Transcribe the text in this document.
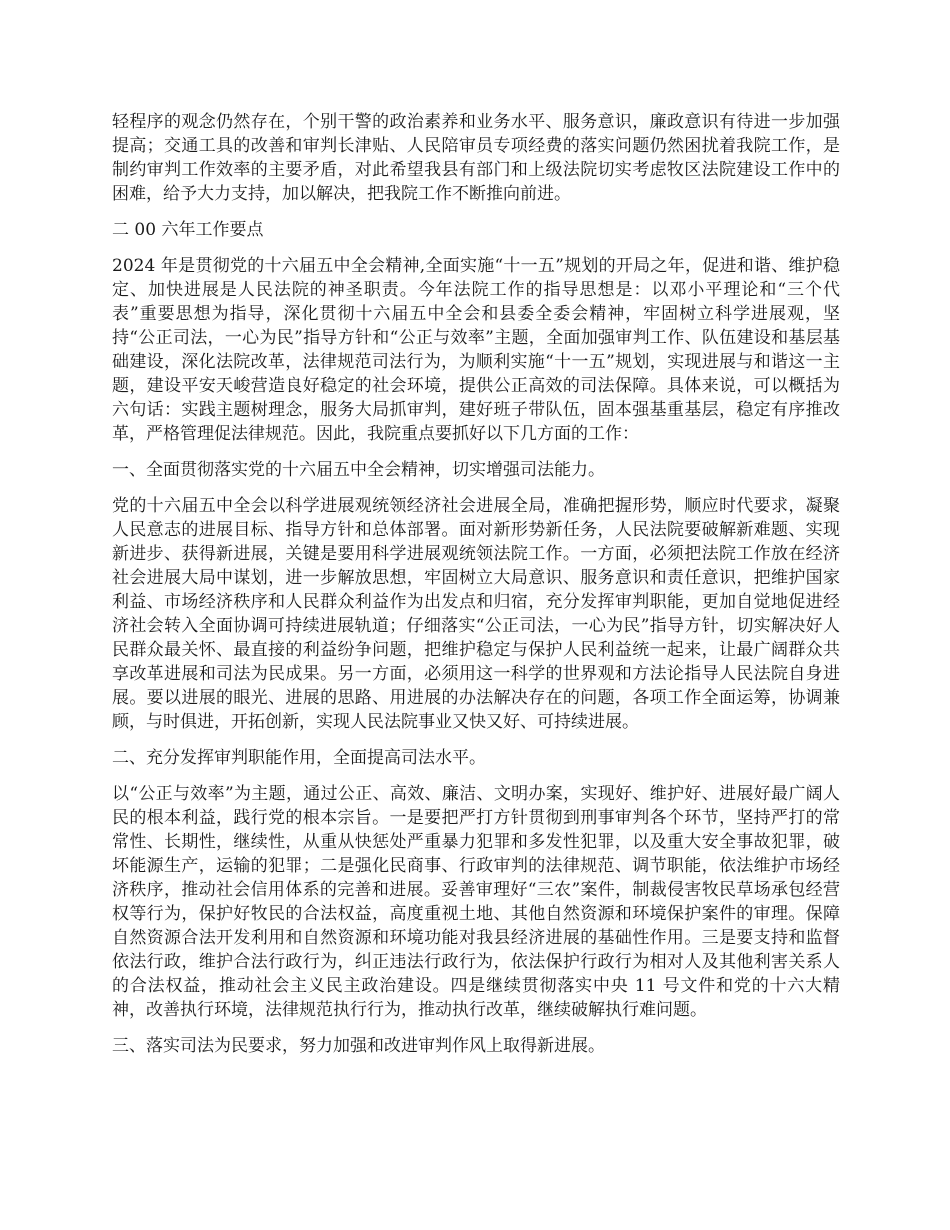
轻程序的观念仍然存在，个别干警的政治素养和业务水平、服务意识，廉政意识有待进一步加强提高；交通工具的改善和审判长津贴、人民陪审员专项经费的落实问题仍然困扰着我院工作，是制约审判工作效率的主要矛盾，对此希望我县有部门和上级法院切实考虑牧区法院建设工作中的困难，给予大力支持，加以解决，把我院工作不断推向前进。

二 00 六年工作要点

2024 年是贯彻党的十六届五中全会精神,全面实施“十一五”规划的开局之年，促进和谐、维护稳定、加快进展是人民法院的神圣职责。今年法院工作的指导思想是：以邓小平理论和“三个代表”重要思想为指导，深化贯彻十六届五中全会和县委全委会精神，牢固树立科学进展观，坚持“公正司法，一心为民”指导方针和“公正与效率”主题，全面加强审判工作、队伍建设和基层基础建设，深化法院改革，法律规范司法行为，为顺利实施“十一五”规划，实现进展与和谐这一主题，建设平安天峻营造良好稳定的社会环境，提供公正高效的司法保障。具体来说，可以概括为六句话：实践主题树理念，服务大局抓审判，建好班子带队伍，固本强基重基层，稳定有序推改革，严格管理促法律规范。因此，我院重点要抓好以下几方面的工作：

一、全面贯彻落实党的十六届五中全会精神，切实增强司法能力。

党的十六届五中全会以科学进展观统领经济社会进展全局，准确把握形势，顺应时代要求，凝聚人民意志的进展目标、指导方针和总体部署。面对新形势新任务，人民法院要破解新难题、实现新进步、获得新进展，关键是要用科学进展观统领法院工作。一方面，必须把法院工作放在经济社会进展大局中谋划，进一步解放思想，牢固树立大局意识、服务意识和责任意识，把维护国家利益、市场经济秩序和人民群众利益作为出发点和归宿，充分发挥审判职能，更加自觉地促进经济社会转入全面协调可持续进展轨道；仔细落实“公正司法，一心为民”指导方针，切实解决好人民群众最关怀、最直接的利益纷争问题，把维护稳定与保护人民利益统一起来，让最广阔群众共享改革进展和司法为民成果。另一方面，必须用这一科学的世界观和方法论指导人民法院自身进展。要以进展的眼光、进展的思路、用进展的办法解决存在的问题，各项工作全面运筹，协调兼顾，与时俱进，开拓创新，实现人民法院事业又快又好、可持续进展。

二、充分发挥审判职能作用，全面提高司法水平。

以“公正与效率”为主题，通过公正、高效、廉洁、文明办案，实现好、维护好、进展好最广阔人民的根本利益，践行党的根本宗旨。一是要把严打方针贯彻到刑事审判各个环节，坚持严打的常常性、长期性，继续性，从重从快惩处严重暴力犯罪和多发性犯罪，以及重大安全事故犯罪，破坏能源生产，运输的犯罪；二是强化民商事、行政审判的法律规范、调节职能，依法维护市场经济秩序，推动社会信用体系的完善和进展。妥善审理好“三农”案件，制裁侵害牧民草场承包经营权等行为，保护好牧民的合法权益，高度重视土地、其他自然资源和环境保护案件的审理。保障自然资源合法开发利用和自然资源和环境功能对我县经济进展的基础性作用。三是要支持和监督依法行政，维护合法行政行为，纠正违法行政行为，依法保护行政行为相对人及其他利害关系人的合法权益，推动社会主义民主政治建设。四是继续贯彻落实中央 11 号文件和党的十六大精神，改善执行环境，法律规范执行行为，推动执行改革，继续破解执行难问题。

三、落实司法为民要求，努力加强和改进审判作风上取得新进展。
